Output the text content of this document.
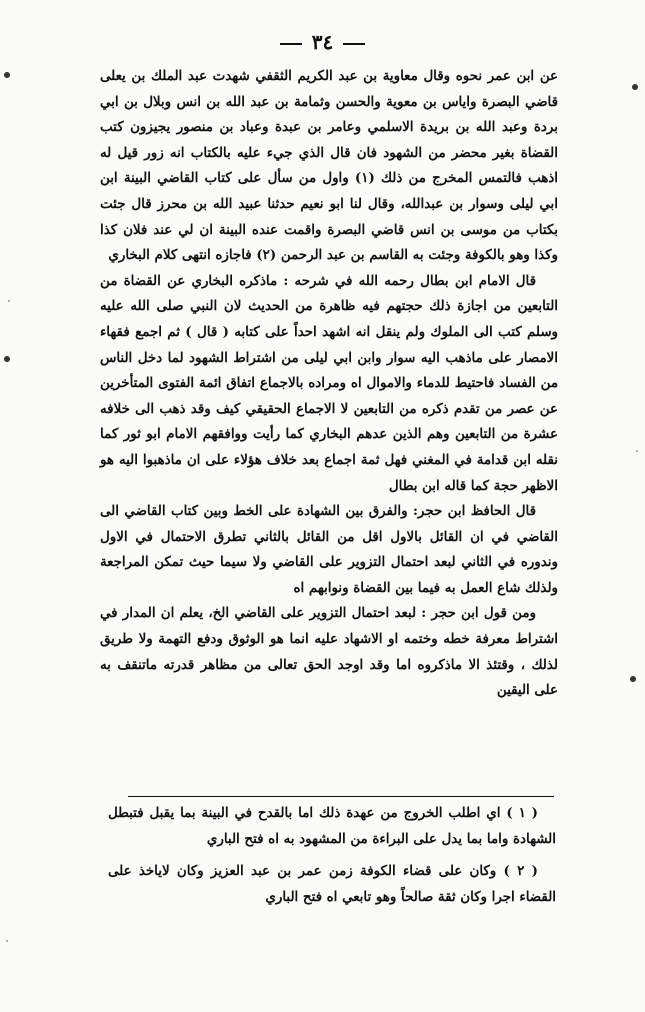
٣٤

عن ابن عمر نحوه وقال معاوية بن عبد الكريم الثقفي شهدت عبد الملك بن يعلى قاضي البصرة واياس بن معوية والحسن وثمامة بن عبد الله بن انس وبلال بن ابي بردة وعبد الله بن بريدة الاسلمي وعامر بن عبدة وعباد بن منصور يجيزون كتب القضاة بغير محضر من الشهود فان قال الذي جيء عليه بالكتاب انه زور قيل له اذهب فالتمس المخرج من ذلك (١) واول من سأل على كتاب القاضي البينة ابن ابي ليلى وسوار بن عبدالله، وقال لنا ابو نعيم حدثنا عبيد الله بن محرز قال جئت بكتاب من موسى بن انس قاضي البصرة واقمت عنده البينة ان لي عند فلان كذا وكذا وهو بالكوفة وجئت به القاسم بن عبد الرحمن (٢) فاجازه انتهى كلام البخاري

قال الامام ابن بطال رحمه الله في شرحه : ماذكره البخاري عن القضاة من التابعين من اجازة ذلك حجتهم فيه ظاهرة من الحديث لان النبي صلى الله عليه وسلم كتب الى الملوك ولم ينقل انه اشهد احداً على كتابه ( قال ) ثم اجمع فقهاء الامصار على ماذهب اليه سوار وابن ابي ليلى من اشتراط الشهود لما دخل الناس من الفساد فاحتيط للدماء والاموال اه ومراده بالاجماع اتفاق ائمة الفتوى المتأخرين عن عصر من تقدم ذكره من التابعين لا الاجماع الحقيقي كيف وقد ذهب الى خلافه عشرة من التابعين وهم الذين عدهم البخاري كما رأيت ووافقهم الامام ابو ثور كما نقله ابن قدامة في المغني فهل ثمة اجماع بعد خلاف هؤلاء على ان ماذهبوا اليه هو الاظهر حجة كما قاله ابن بطال

قال الحافظ ابن حجر: والفرق بين الشهادة على الخط وبين كتاب القاضي الى القاضي في ان القائل بالاول اقل من القائل بالثاني تطرق الاحتمال في الاول وندوره في الثاني لبعد احتمال التزوير على القاضي ولا سيما حيث تمكن المراجعة ولذلك شاع العمل به فيما بين القضاة ونوابهم اه

ومن قول ابن حجر : لبعد احتمال التزوير على القاضي الخ، يعلم ان المدار في اشتراط معرفة خطه وختمه او الاشهاد عليه انما هو الوثوق ودفع التهمة ولا طريق لذلك ، وقتئذ الا ماذكروه اما وقد اوجد الحق تعالى من مظاهر قدرته ماتنقف به على اليقين

( ١ ) اي اطلب الخروج من عهدة ذلك اما بالقدح في البينة بما يقبل فتبطل الشهادة واما بما يدل على البراءة من المشهود به اه فتح الباري

( ٢ ) وكان على قضاء الكوفة زمن عمر بن عبد العزيز وكان لاياخذ على القضاء اجرا وكان ثقة صالحاً وهو تابعي اه فتح الباري
